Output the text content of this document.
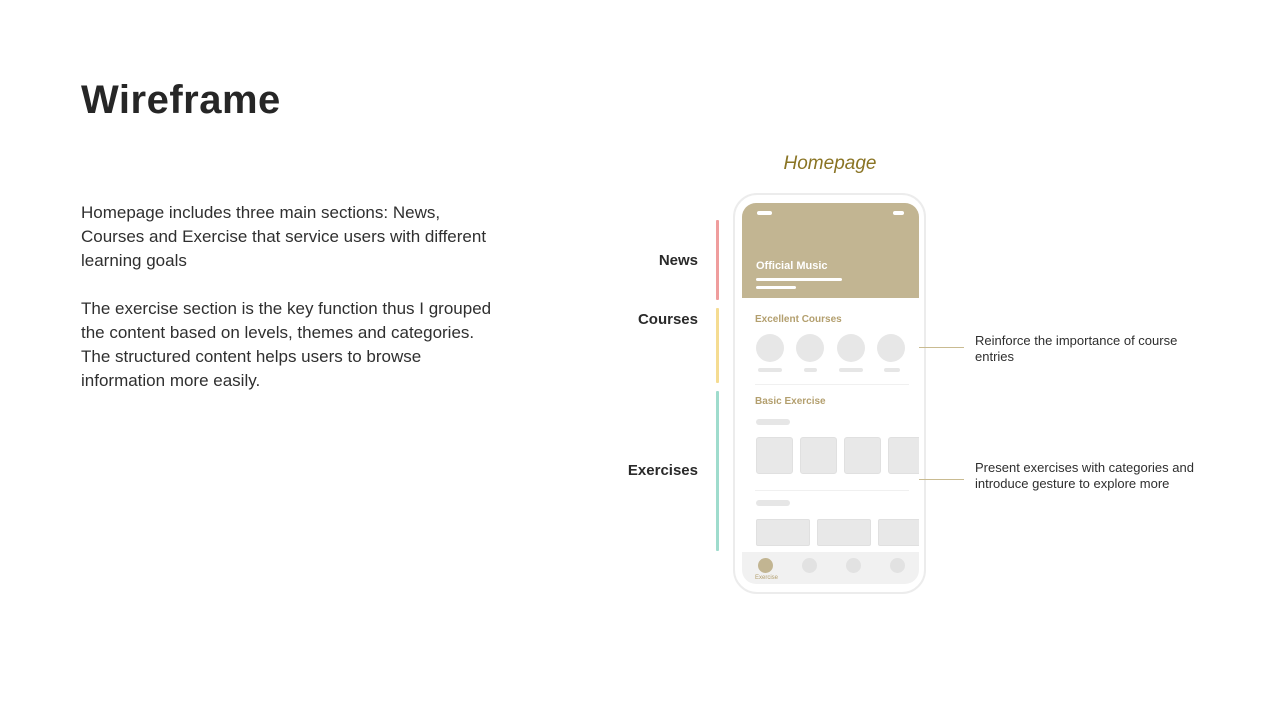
Wireframe

Homepage includes three main sections: News, Courses and Exercise that service users with different learning goals

The exercise section is the key function thus I grouped the content based on levels, themes and categories. The structured content helps users to browse information more easily.

Homepage
News
Courses
Exercises
Official Music
Excellent Courses
Basic Exercise
Exercise

Reinforce the importance of course entries

Present exercises with categories and introduce gesture to explore more
